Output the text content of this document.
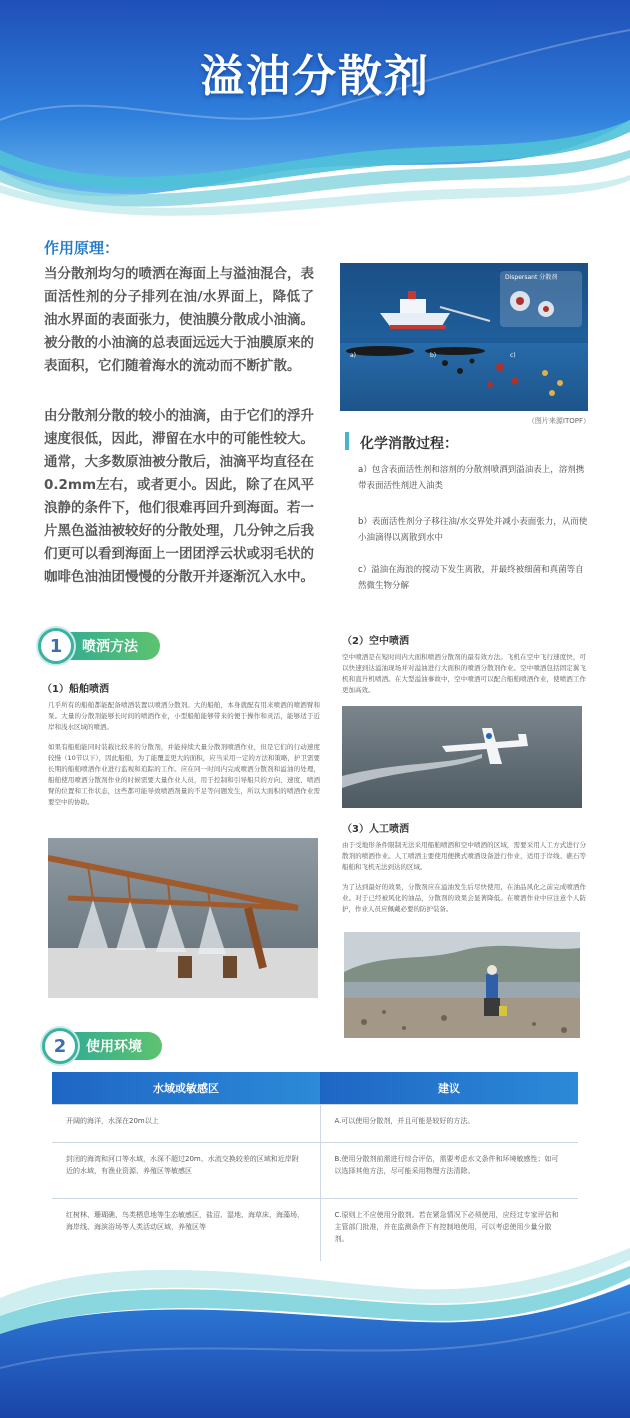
溢油分散剂
作用原理：
当分散剂均匀的喷洒在海面上与溢油混合，表面活性剂的分子排列在油/水界面上，降低了油水界面的表面张力，使油膜分散成小油滴。被分散的小油滴的总表面远远大于油膜原来的表面积，它们随着海水的流动而不断扩散。
由分散剂分散的较小的油滴，由于它们的浮升速度很低，因此，滞留在水中的可能性较大。通常，大多数原油被分散后，油滴平均直径在0.2mm左右，或者更小。因此，除了在风平浪静的条件下，他们很难再回升到海面。若一片黑色溢油被较好的分散处理，几分钟之后我们更可以看到海面上一团团浮云状或羽毛状的咖啡色油油团慢慢的分散开并逐渐沉入水中。
Dispersant 分散剂
a)	b)	c)
（图片来源ITOPF）
化学消散过程：
a）包含表面活性剂和溶剂的分散剂喷洒到溢油表上，溶剂携带表面活性剂进入油类
b）表面活性剂分子移往油/水交界处并减小表面张力，从而使小油滴得以离散到水中
c）溢油在海浪的搅动下发生离散，并最终被细菌和真菌等自然微生物分解
喷洒方法
1
（1）船舶喷洒
几乎所有的船舶都能配备喷洒装置以喷洒分散剂。大的船舶，本身就配有用来喷洒的喷洒臂和泵。大量的分散剂能够长时间的喷洒作业，小型船舶能够带来的便于操作和灵活，能够适于近岸和浅水区域的喷洒。
如果有船舶能同时装载比较多的分散剂，并能持续大量分散剂喷洒作业，但是它们的行动速度较慢（10节以下），因此船舶，为了能覆盖更大的面积，应当采用一定的方法和策略，护卫需要长期的船舶喷洒作业进行监视和追踪的工作。应在同一时间内完成喷洒分散剂和溢油的处理，船舶使用喷洒分散剂作业的时候需要大量作业人员，用于控制和引导船只的方向、速度、喷洒臂的位置和工作状态，这些都可能导致喷洒剂量的不足等问题发生，所以大面积的喷洒作业需要空中的协助。
（2）空中喷洒
空中喷洒是在短时间内大面积喷洒分散剂的最有效方法。飞机在空中飞行速度快，可以快速到达溢油现场并对溢油进行大面积的喷洒分散剂作业。空中喷洒包括固定翼飞机和直升机喷洒。在大型溢油事故中，空中喷洒可以配合船舶喷洒作业，使喷洒工作更加高效。
（3）人工喷洒
由于受地形条件限制无法采用船舶喷洒和空中喷洒的区域，需要采用人工方式进行分散剂的喷洒作业。人工喷洒主要使用便携式喷洒设备进行作业，适用于岸线、礁石等船舶和飞机无法到达的区域。
为了达到最好的效果，分散剂应在溢油发生后尽快使用，在油品风化之前完成喷洒作业。对于已经被风化的油品，分散剂的效果会显著降低。在喷洒作业中应注意个人防护，作业人员应佩戴必要的防护装备。
使用环境
2
水域或敏感区	建议
开阔的海洋，水深在20m以上	A.可以使用分散剂，并且可能是较好的方法。
封闭的海湾和河口等水域，水深不超过20m、水流交换较差的区域和近岸附近的水域，有渔业资源、养殖区等敏感区	B.使用分散剂前需进行综合评估，需要考虑水文条件和环境敏感性；如可以选择其他方法，尽可能采用物理方法清除。
红树林、珊瑚礁、鸟类栖息地等生态敏感区，盐沼、湿地、海草床、海藻场，海岸线、海滨浴场等人类活动区域，养殖区等	C.原则上不应使用分散剂。若在紧急情况下必须使用，应经过专家评估和主管部门批准，并在监测条件下有控制地使用，可以考虑使用少量分散剂。
